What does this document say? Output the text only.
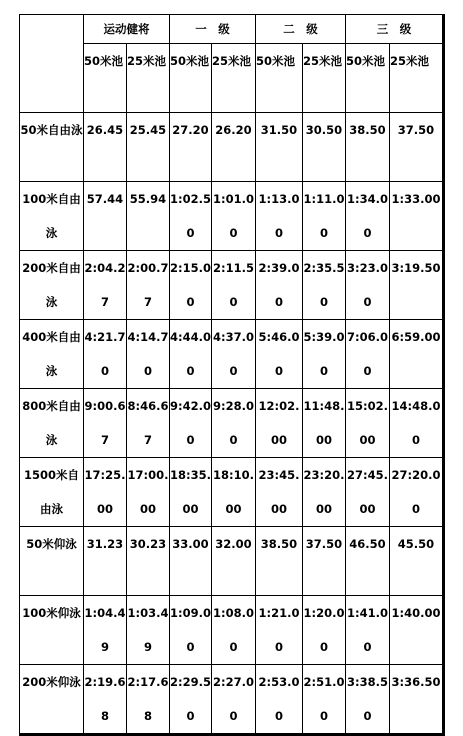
	运动健将		一　级		二　级		三　级	
	50米池	25米池	50米池	25米池	50米池	25米池	50米池	25米池
50米自由泳	26.45	25.45	27.20	26.20	31.50	30.50	38.50	37.50
100米自由泳	57.44	55.94	1:02.50	1:01.00	1:13.00	1:11.00	1:34.00	1:33.00
200米自由泳	2:04.27	2:00.77	2:15.00	2:11.50	2:39.00	2:35.50	3:23.00	3:19.50
400米自由泳	4:21.70	4:14.70	4:44.00	4:37.00	5:46.00	5:39.00	7:06.00	6:59.00
800米自由泳	9:00.67	8:46.67	9:42.00	9:28.00	12:02.00	11:48.00	15:02.00	14:48.00
1500米自由泳	17:25.00	17:00.00	18:35.00	18:10.00	23:45.00	23:20.00	27:45.00	27:20.00
50米仰泳	31.23	30.23	33.00	32.00	38.50	37.50	46.50	45.50
100米仰泳	1:04.49	1:03.49	1:09.00	1:08.00	1:21.00	1:20.00	1:41.00	1:40.00
200米仰泳	2:19.68	2:17.68	2:29.50	2:27.00	2:53.00	2:51.00	3:38.50	3:36.50
